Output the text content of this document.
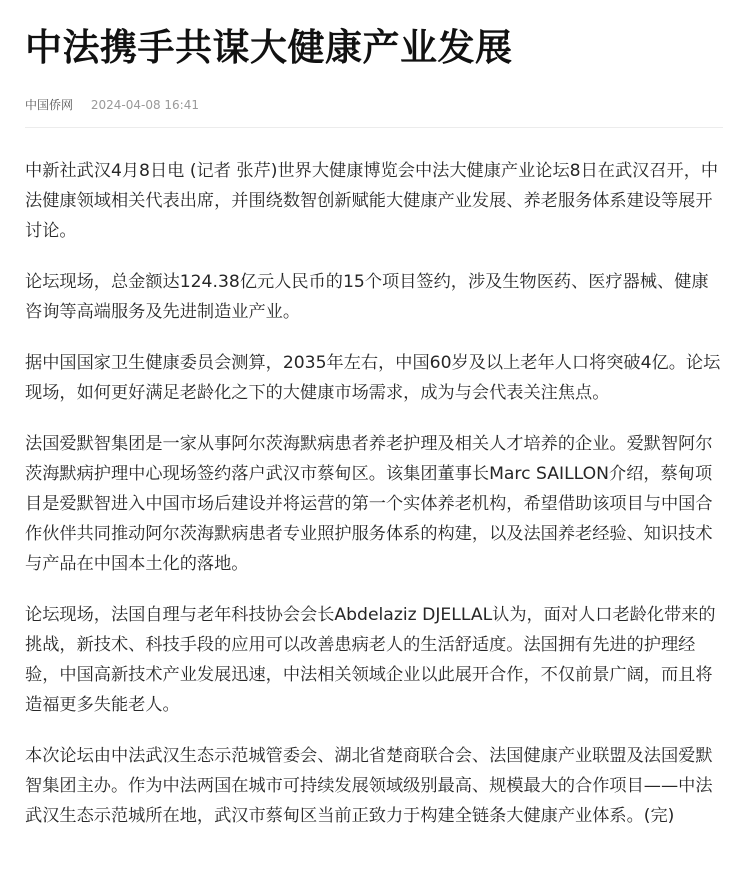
中法携手共谋大健康产业发展
中国侨网 2024-04-08 16:41

中新社武汉4月8日电 (记者 张芹)世界大健康博览会中法大健康产业论坛8日在武汉召开，中法健康领域相关代表出席，并围绕数智创新赋能大健康产业发展、养老服务体系建设等展开讨论。

论坛现场，总金额达124.38亿元人民币的15个项目签约，涉及生物医药、医疗器械、健康咨询等高端服务及先进制造业产业。

据中国国家卫生健康委员会测算，2035年左右，中国60岁及以上老年人口将突破4亿。论坛现场，如何更好满足老龄化之下的大健康市场需求，成为与会代表关注焦点。

法国爱默智集团是一家从事阿尔茨海默病患者养老护理及相关人才培养的企业。爱默智阿尔茨海默病护理中心现场签约落户武汉市蔡甸区。该集团董事长Marc SAILLON介绍，蔡甸项目是爱默智进入中国市场后建设并将运营的第一个实体养老机构，希望借助该项目与中国合作伙伴共同推动阿尔茨海默病患者专业照护服务体系的构建，以及法国养老经验、知识技术与产品在中国本土化的落地。

论坛现场，法国自理与老年科技协会会长Abdelaziz DJELLAL认为，面对人口老龄化带来的挑战，新技术、科技手段的应用可以改善患病老人的生活舒适度。法国拥有先进的护理经验，中国高新技术产业发展迅速，中法相关领域企业以此展开合作，不仅前景广阔，而且将造福更多失能老人。

本次论坛由中法武汉生态示范城管委会、湖北省楚商联合会、法国健康产业联盟及法国爱默智集团主办。作为中法两国在城市可持续发展领域级别最高、规模最大的合作项目——中法武汉生态示范城所在地，武汉市蔡甸区当前正致力于构建全链条大健康产业体系。(完)
